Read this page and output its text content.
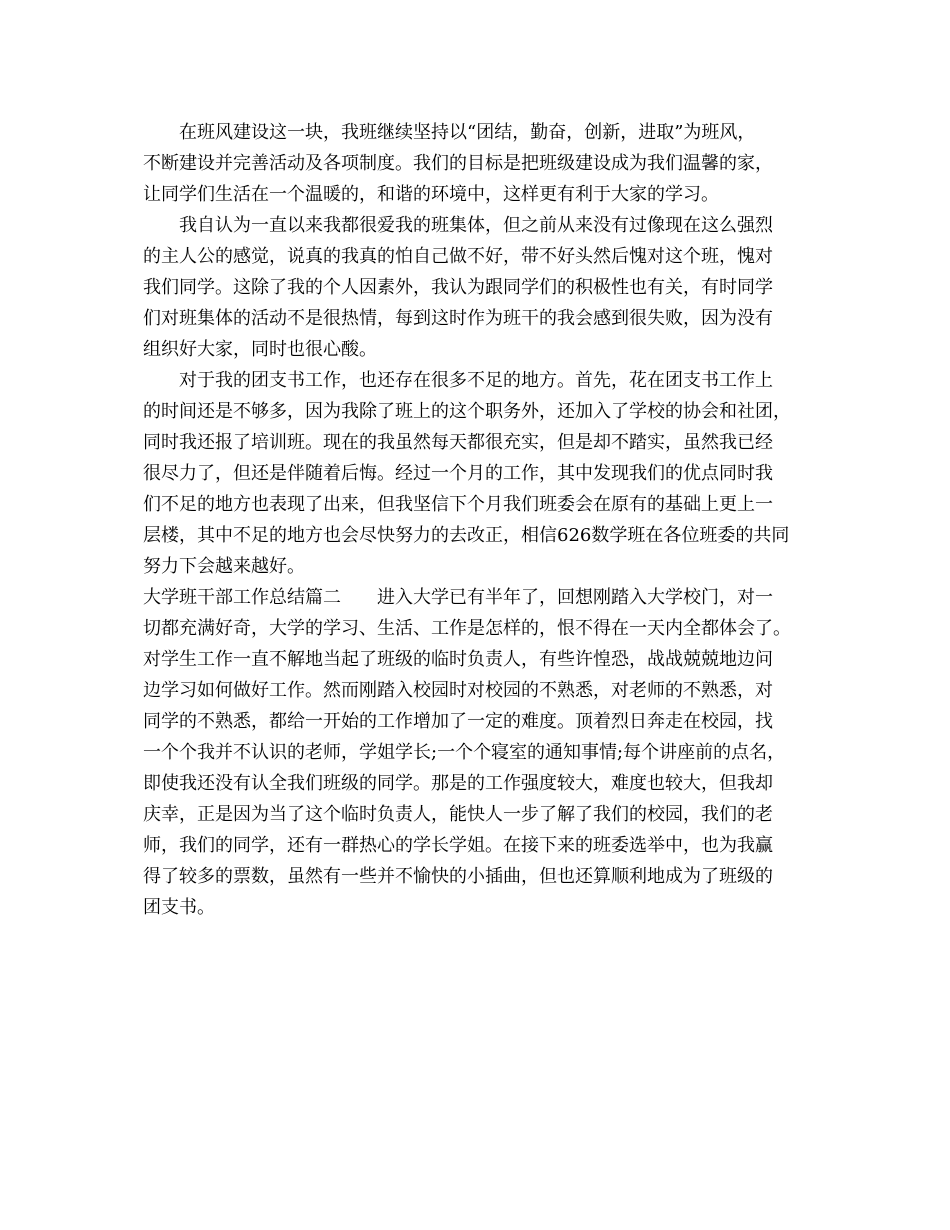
在班风建设这一块，我班继续坚持以“团结，勤奋，创新，进取”为班风，
不断建设并完善活动及各项制度。我们的目标是把班级建设成为我们温馨的家，
让同学们生活在一个温暖的，和谐的环境中，这样更有利于大家的学习。
我自认为一直以来我都很爱我的班集体，但之前从来没有过像现在这么强烈
的主人公的感觉，说真的我真的怕自己做不好，带不好头然后愧对这个班，愧对
我们同学。这除了我的个人因素外，我认为跟同学们的积极性也有关，有时同学
们对班集体的活动不是很热情，每到这时作为班干的我会感到很失败，因为没有
组织好大家，同时也很心酸。
对于我的团支书工作，也还存在很多不足的地方。首先，花在团支书工作上
的时间还是不够多，因为我除了班上的这个职务外，还加入了学校的协会和社团，
同时我还报了培训班。现在的我虽然每天都很充实，但是却不踏实，虽然我已经
很尽力了，但还是伴随着后悔。经过一个月的工作，其中发现我们的优点同时我
们不足的地方也表现了出来，但我坚信下个月我们班委会在原有的基础上更上一
层楼，其中不足的地方也会尽快努力的去改正，相信626数学班在各位班委的共同
努力下会越来越好。
大学班干部工作总结篇二　　进入大学已有半年了，回想刚踏入大学校门，对一
切都充满好奇，大学的学习、生活、工作是怎样的，恨不得在一天内全都体会了。
对学生工作一直不解地当起了班级的临时负责人，有些许惶恐，战战兢兢地边问
边学习如何做好工作。然而刚踏入校园时对校园的不熟悉，对老师的不熟悉，对
同学的不熟悉，都给一开始的工作增加了一定的难度。顶着烈日奔走在校园，找
一个个我并不认识的老师，学姐学长;一个个寝室的通知事情;每个讲座前的点名，
即使我还没有认全我们班级的同学。那是的工作强度较大，难度也较大，但我却
庆幸，正是因为当了这个临时负责人，能快人一步了解了我们的校园，我们的老
师，我们的同学，还有一群热心的学长学姐。在接下来的班委选举中，也为我赢
得了较多的票数，虽然有一些并不愉快的小插曲，但也还算顺利地成为了班级的
团支书。
